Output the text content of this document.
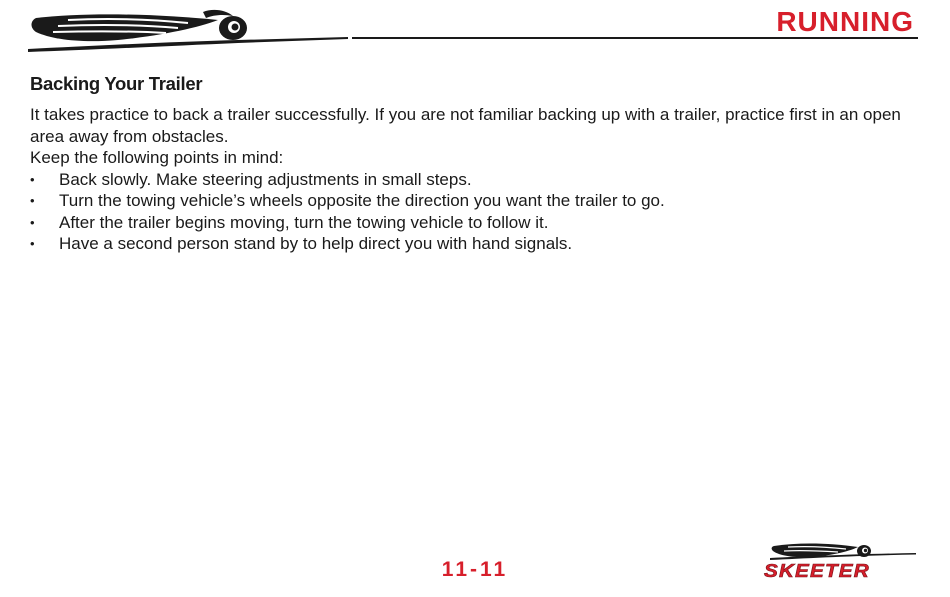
RUNNING
Backing Your Trailer

It takes practice to back a trailer successfully. If you are not familiar backing up with a trailer, practice first in an open area away from obstacles.

Keep the following points in mind:

• Back slowly. Make steering adjustments in small steps.
• Turn the towing vehicle’s wheels opposite the direction you want the trailer to go.
• After the trailer begins moving, turn the towing vehicle to follow it.
• Have a second person stand by to help direct you with hand signals.
11-11	SKEETER
